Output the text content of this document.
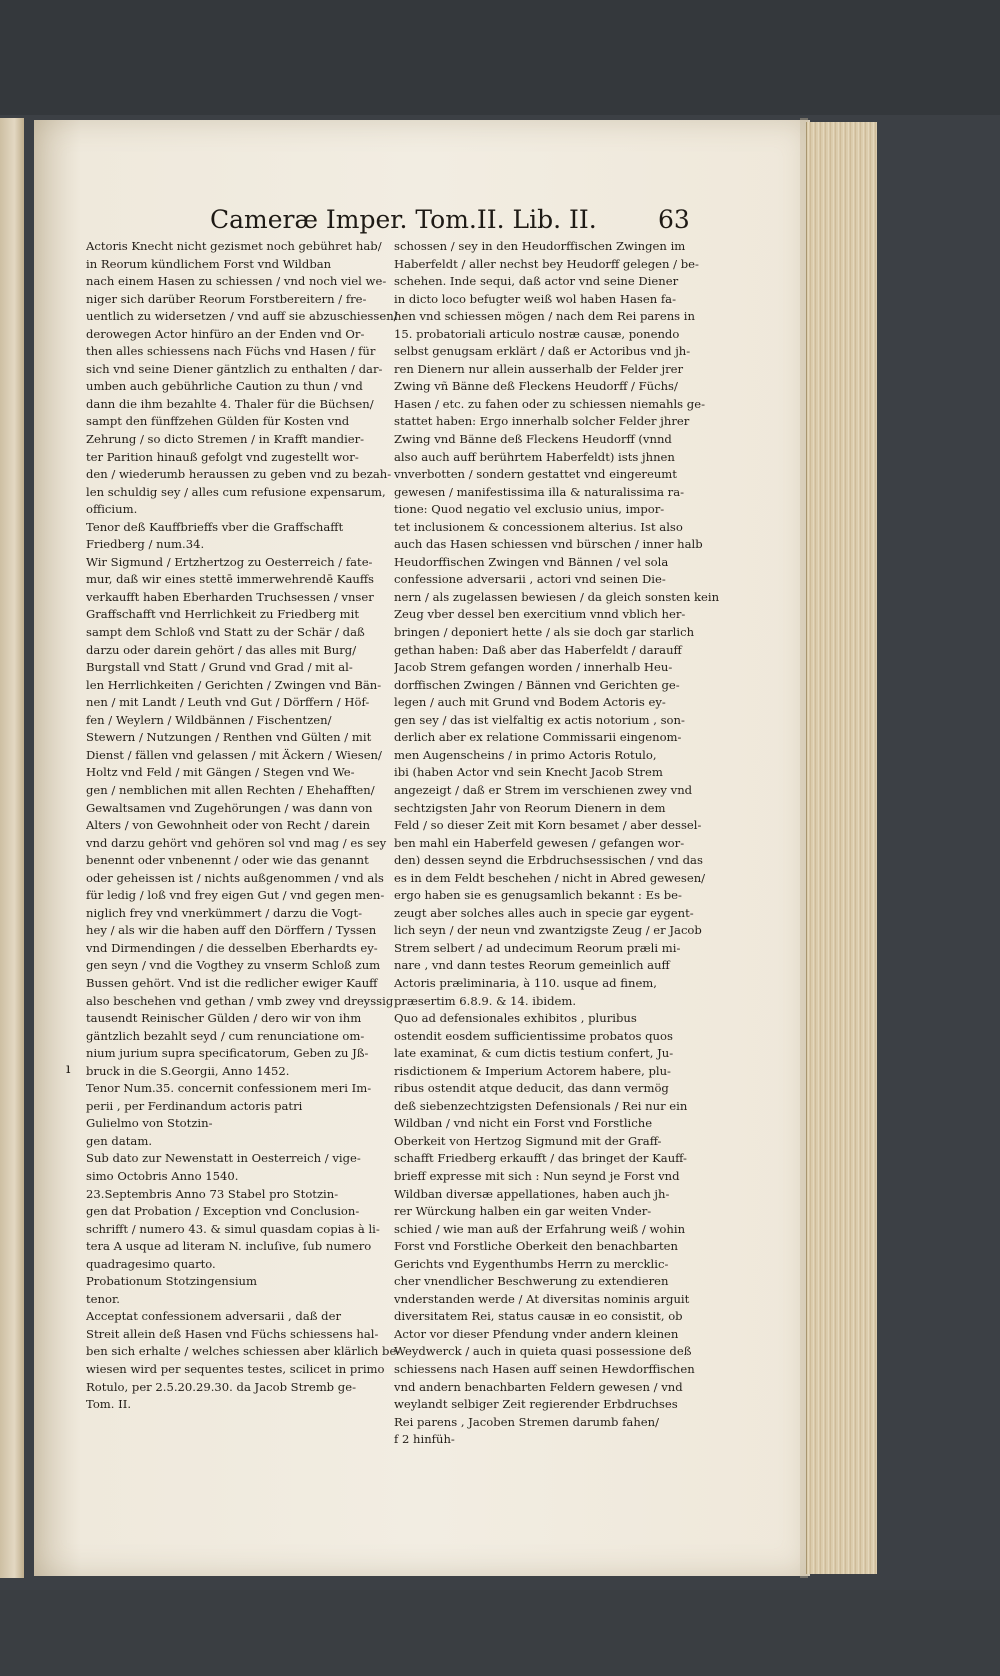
Cameræ Imper. Tom.II. Lib. II. 63

Actoris Knecht nicht gezismet noch gebühret hab/

in Reorum kündlichem Forst vnd Wildban

nach einem Hasen zu schiessen / vnd noch viel we-

niger sich darüber Reorum Forstbereitern / fre-

uentlich zu widersetzen / vnd auff sie abzuschiessen/

derowegen Actor hinfüro an der Enden vnd Or-

then alles schiessens nach Füchs vnd Hasen / für

sich vnd seine Diener gäntzlich zu enthalten / dar-

umben auch gebührliche Caution zu thun / vnd

dann die ihm bezahlte 4. Thaler für die Büchsen/

sampt den fünffzehen Gülden für Kosten vnd

Zehrung / so dicto Stremen / in Krafft mandier-

ter Parition hinauß gefolgt vnd zugestellt wor-

den / wiederumb heraussen zu geben vnd zu bezah-

len schuldig sey / alles cum refusione expensarum,

officium.

Tenor deß Kauffbrieffs vber die Graffschafft

Friedberg / num.34.

Wir Sigmund / Ertzhertzog zu Oesterreich / fate-

mur, daß wir eines stettē immerwehrendē Kauffs

verkaufft haben Eberharden Truchsessen / vnser

Graffschafft vnd Herrlichkeit zu Friedberg mit

sampt dem Schloß vnd Statt zu der Schär / daß

darzu oder darein gehört / das alles mit Burg/

Burgstall vnd Statt / Grund vnd Grad / mit al-

len Herrlichkeiten / Gerichten / Zwingen vnd Bän-

nen / mit Landt / Leuth vnd Gut / Dörffern / Höf-

fen / Weylern / Wildbännen / Fischentzen/

Stewern / Nutzungen / Renthen vnd Gülten / mit

Dienst / fällen vnd gelassen / mit Äckern / Wiesen/

Holtz vnd Feld / mit Gängen / Stegen vnd We-

gen / nemblichen mit allen Rechten / Ehehafften/

Gewaltsamen vnd Zugehörungen / was dann von

Alters / von Gewohnheit oder von Recht / darein

vnd darzu gehört vnd gehören sol vnd mag / es sey

benennt oder vnbenennt / oder wie das genannt

oder geheissen ist / nichts außgenommen / vnd als

für ledig / loß vnd frey eigen Gut / vnd gegen men-

niglich frey vnd vnerkümmert / darzu die Vogt-

hey / als wir die haben auff den Dörffern / Tyssen

vnd Dirmendingen / die desselben Eberhardts ey-

gen seyn / vnd die Vogthey zu vnserm Schloß zum

Bussen gehört. Vnd ist die redlicher ewiger Kauff

also beschehen vnd gethan / vmb zwey vnd dreyssig

tausendt Reinischer Gülden / dero wir von ihm

gäntzlich bezahlt seyd / cum renunciatione om-

nium jurium supra specificatorum, Geben zu Jß-

bruck in die S.Georgii, Anno 1452.

Tenor Num.35. concernit confessionem meri Im-

perii , per Ferdinandum actoris patri

Gulielmo von Stotzin-

gen datam.

Sub dato zur Newenstatt in Oesterreich / vige-

simo Octobris Anno 1540.

23.Septembris Anno 73 Stabel pro Stotzin-

gen dat Probation / Exception vnd Conclusion-

schrifft / numero 43. & simul quasdam copias à li-

tera A usque ad literam N. incluſive, ſub numero

quadragesimo quarto.

Probationum Stotzingensium

tenor.

Acceptat confessionem adversarii , daß der

Streit allein deß Hasen vnd Füchs schiessens hal-

ben sich erhalte / welches schiessen aber klärlich be-

wiesen wird per sequentes testes, scilicet in primo

Rotulo, per 2.5.20.29.30. da Jacob Stremb ge-

Tom. II.

schossen / sey in den Heudorffischen Zwingen im

Haberfeldt / aller nechst bey Heudorff gelegen / be-

schehen. Inde sequi, daß actor vnd seine Diener

in dicto loco befugter weiß wol haben Hasen fa-

hen vnd schiessen mögen / nach dem Rei parens in

15. probatoriali articulo nostræ causæ, ponendo

selbst genugsam erklärt / daß er Actoribus vnd jh-

ren Dienern nur allein ausserhalb der Felder jrer

Zwing vñ Bänne deß Fleckens Heudorff / Füchs/

Hasen / etc. zu fahen oder zu schiessen niemahls ge-

stattet haben: Ergo innerhalb solcher Felder jhrer

Zwing vnd Bänne deß Fleckens Heudorff (vnnd

also auch auff berührtem Haberfeldt) ists jhnen

vnverbotten / sondern gestattet vnd eingereumt

gewesen / manifestissima illa & naturalissima ra-

tione: Quod negatio vel exclusio unius, impor-

tet inclusionem & concessionem alterius. Ist also

auch das Hasen schiessen vnd bürschen / inner halb

Heudorffischen Zwingen vnd Bännen / vel sola

confessione adversarii , actori vnd seinen Die-

nern / als zugelassen bewiesen / da gleich sonsten kein

Zeug vber dessel ben exercitium vnnd vblich her-

bringen / deponiert hette / als sie doch gar starlich

gethan haben: Daß aber das Haberfeldt / darauff

Jacob Strem gefangen worden / innerhalb Heu-

dorffischen Zwingen / Bännen vnd Gerichten ge-

legen / auch mit Grund vnd Bodem Actoris ey-

gen sey / das ist vielfaltig ex actis notorium , son-

derlich aber ex relatione Commissarii eingenom-

men Augenscheins / in primo Actoris Rotulo,

ibi (haben Actor vnd sein Knecht Jacob Strem

angezeigt / daß er Strem im verschienen zwey vnd

sechtzigsten Jahr von Reorum Dienern in dem

Feld / so dieser Zeit mit Korn besamet / aber dessel-

ben mahl ein Haberfeld gewesen / gefangen wor-

den) dessen seynd die Erbdruchsessischen / vnd das

es in dem Feldt beschehen / nicht in Abred gewesen/

ergo haben sie es genugsamlich bekannt : Es be-

zeugt aber solches alles auch in specie gar eygent-

lich seyn / der neun vnd zwantzigste Zeug / er Jacob

Strem selbert / ad undecimum Reorum præli mi-

nare , vnd dann testes Reorum gemeinlich auff

Actoris præliminaria, à 110. usque ad finem,

præsertim 6.8.9. & 14. ibidem.

Quo ad defensionales exhibitos , pluribus

ostendit eosdem sufficientissime probatos quos

late examinat, & cum dictis testium confert, Ju-

risdictionem & Imperium Actorem habere, plu-

ribus ostendit atque deducit, das dann vermög

deß siebenzechtzigsten Defensionals / Rei nur ein

Wildban / vnd nicht ein Forst vnd Forstliche

Oberkeit von Hertzog Sigmund mit der Graff-

schafft Friedberg erkaufft / das bringet der Kauff-

brieff expresse mit sich : Nun seynd je Forst vnd

Wildban diversæ appellationes, haben auch jh-

rer Würckung halben ein gar weiten Vnder-

schied / wie man auß der Erfahrung weiß / wohin

Forst vnd Forstliche Oberkeit den benachbarten

Gerichts vnd Eygenthumbs Herrn zu mercklic-

cher vnendlicher Beschwerung zu extendieren

vnderstanden werde / At diversitas nominis arguit

diversitatem Rei, status causæ in eo consistit, ob

Actor vor dieser Pfendung vnder andern kleinen

Weydwerck / auch in quieta quasi possessione deß

schiessens nach Hasen auff seinen Hewdorffischen

vnd andern benachbarten Feldern gewesen / vnd

weylandt selbiger Zeit regierender Erbdruchses

Rei parens , Jacoben Stremen darumb fahen/

f 2 hinfüh-

ı
